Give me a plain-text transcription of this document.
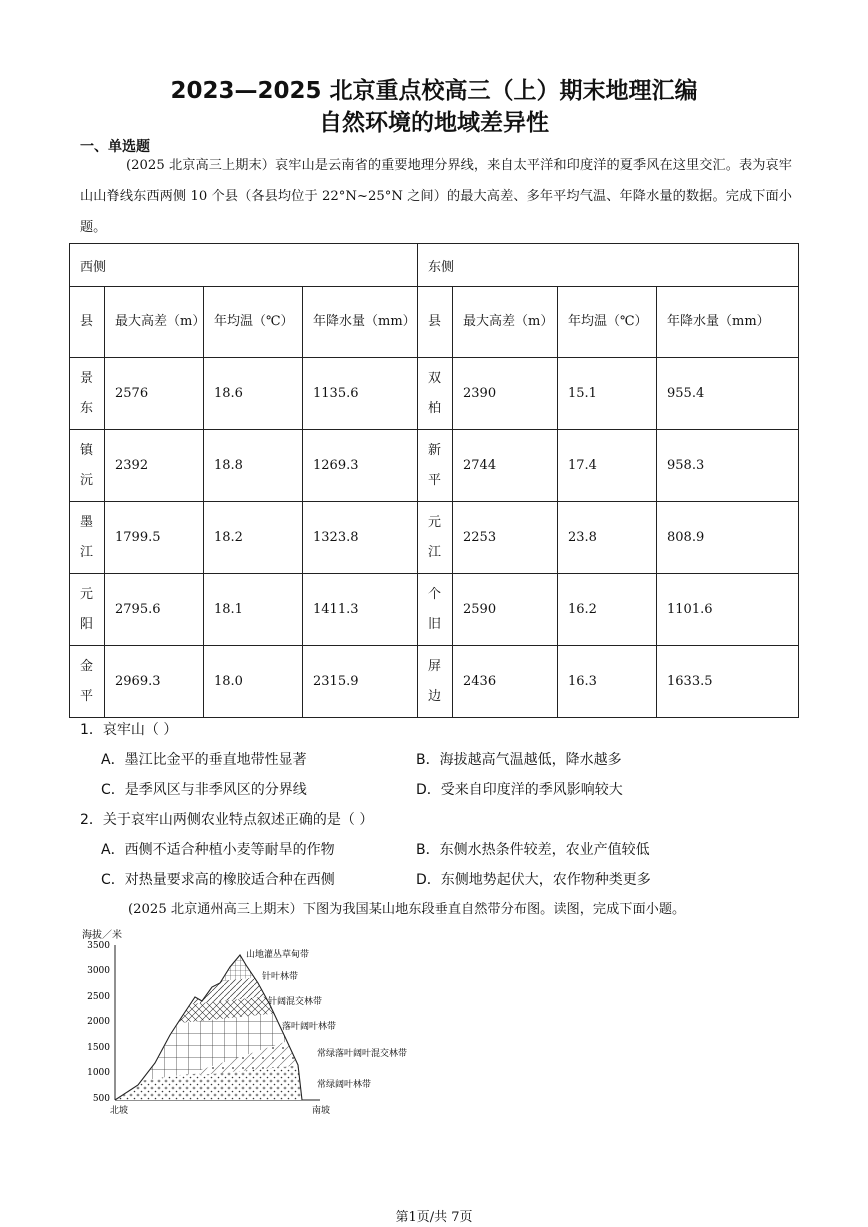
2023—2025 北京重点校高三（上）期末地理汇编
自然环境的地域差异性
一、单选题
(2025 北京高三上期末）哀牢山是云南省的重要地理分界线，来自太平洋和印度洋的夏季风在这里交汇。表为哀牢山山脊线东西两侧 10 个县（各县均位于 22°N~25°N 之间）的最大高差、多年平均气温、年降水量的数据。完成下面小题。
西侧				东侧			
县	最大高差（m）	年均温（℃）	年降水量（mm）	县	最大高差（m）	年均温（℃）	年降水量（mm）
景东	2576	18.6	1135.6	双柏	2390	15.1	955.4
镇沅	2392	18.8	1269.3	新平	2744	17.4	958.3
墨江	1799.5	18.2	1323.8	元江	2253	23.8	808.9
元阳	2795.6	18.1	1411.3	个旧	2590	16.2	1101.6
金平	2969.3	18.0	2315.9	屏边	2436	16.3	1633.5
1．哀牢山（ ）
A．墨江比金平的垂直地带性显著	B．海拔越高气温越低，降水越多
C．是季风区与非季风区的分界线	D．受来自印度洋的季风影响较大
2．关于哀牢山两侧农业特点叙述正确的是（ ）
A．西侧不适合种植小麦等耐旱的作物	B．东侧水热条件较差，农业产值较低
C．对热量要求高的橡胶适合种在西侧	D．东侧地势起伏大，农作物种类更多
(2025 北京通州高三上期末）下图为我国某山地东段垂直自然带分布图。读图，完成下面小题。
海拔／米
3500
3000
2500
2000
1500
1000
500
山地灌丛草甸带
针叶林带
针阔混交林带
落叶阔叶林带
常绿落叶阔叶混交林带
常绿阔叶林带
北坡	南坡
第1页/共 7页
